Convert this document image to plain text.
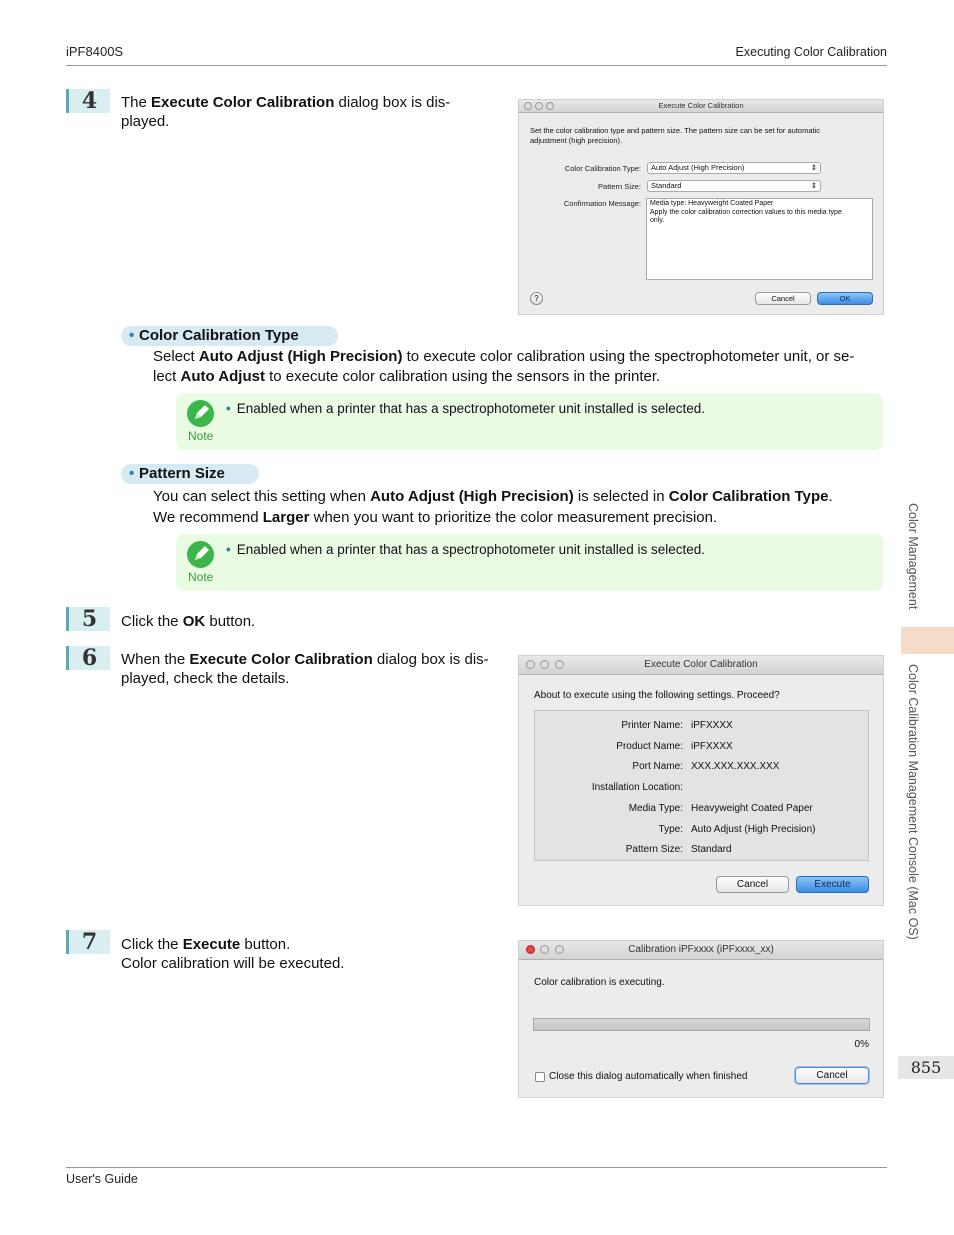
iPF8400S	Executing Color Calibration
4	The Execute Color Calibration dialog box is dis-
played.
Execute Color Calibration
Set the color calibration type and pattern size. The pattern size can be set for automatic
adjustment (high precision).
Color Calibration Type:	Auto Adjust (High Precision)	⇕
Pattern Size:	Standard	⇕
Confirmation Message:	Media type: Heavyweight Coated Paper
Apply the color calibration correction values to this media type
only.
?	Cancel	OK
• Color Calibration Type
Select Auto Adjust (High Precision) to execute color calibration using the spectrophotometer unit, or se-
lect Auto Adjust to execute color calibration using the sensors in the printer.
Note
• Enabled when a printer that has a spectrophotometer unit installed is selected.
• Pattern Size
You can select this setting when Auto Adjust (High Precision) is selected in Color Calibration Type.
We recommend Larger when you want to prioritize the color measurement precision.
Note
• Enabled when a printer that has a spectrophotometer unit installed is selected.
5	Click the OK button.
6	When the Execute Color Calibration dialog box is dis-
played, check the details.
Execute Color Calibration
About to execute using the following settings. Proceed?
Printer Name: iPFXXXX
Product Name: iPFXXXX
Port Name: XXX.XXX.XXX.XXX
Installation Location:
Media Type: Heavyweight Coated Paper
Type: Auto Adjust (High Precision)
Pattern Size: Standard
Cancel	Execute
7	Click the Execute button.
Color calibration will be executed.
Calibration iPFxxxx (iPFxxxx_xx)
Color calibration is executing.
0%
Close this dialog automatically when finished	Cancel
Color Management
Color Calibration Management Console (Mac OS)
855
User's Guide
